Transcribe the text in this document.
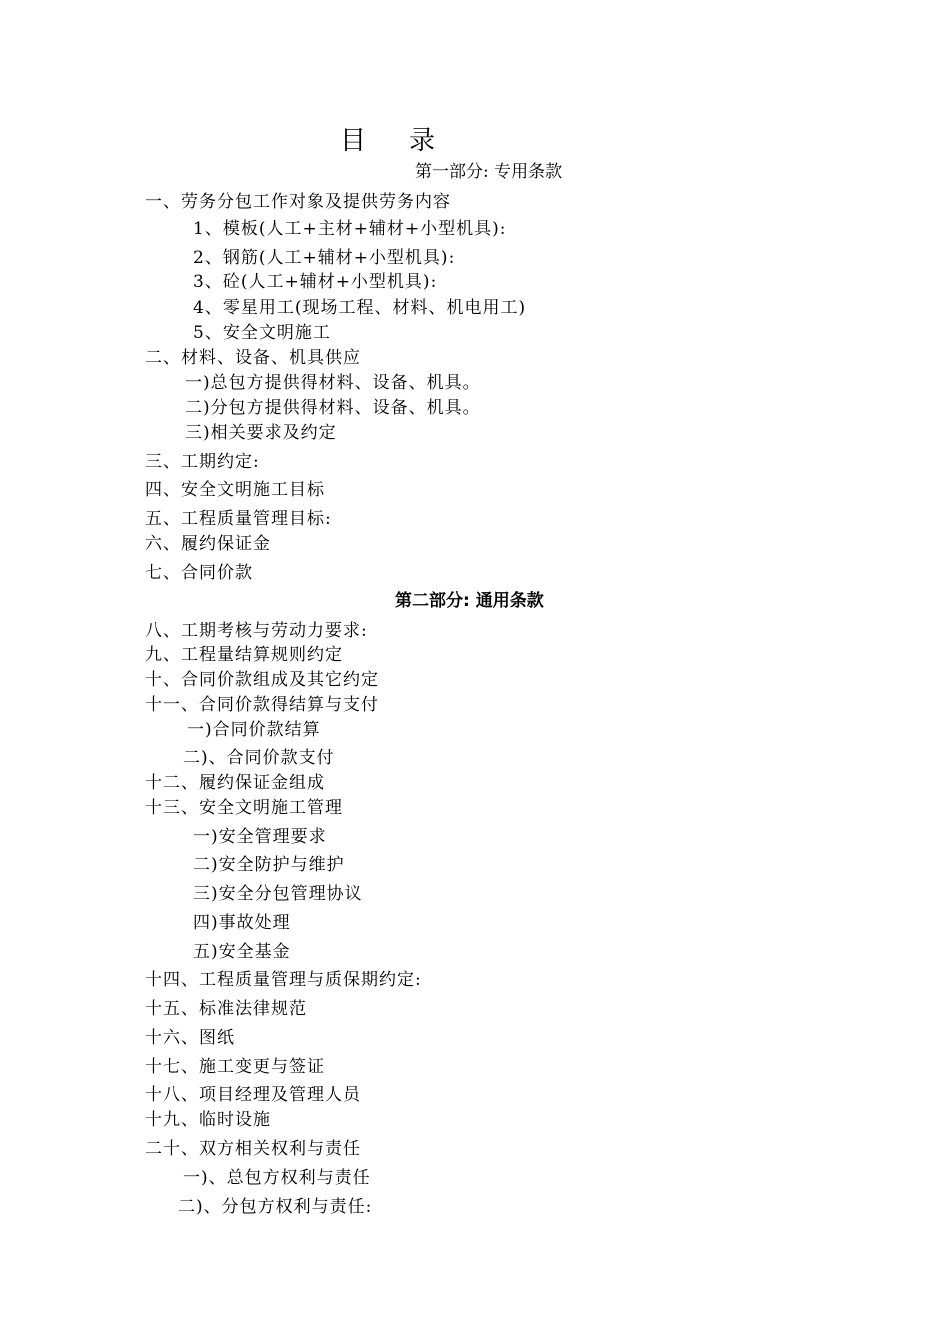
目    录
第一部分: 专用条款
一、劳务分包工作对象及提供劳务内容
1、模板(人工+主材+辅材+小型机具):
2、钢筋(人工+辅材+小型机具):
3、砼(人工+辅材+小型机具):
4、零星用工(现场工程、材料、机电用工)
5、安全文明施工
二、材料、设备、机具供应
一)总包方提供得材料、设备、机具。
二)分包方提供得材料、设备、机具。
三)相关要求及约定
三、工期约定:
四、安全文明施工目标
五、工程质量管理目标:
六、履约保证金
七、合同价款
第二部分: 通用条款
八、工期考核与劳动力要求:
九、工程量结算规则约定
十、合同价款组成及其它约定
十一、合同价款得结算与支付
一)合同价款结算
二)、合同价款支付
十二、履约保证金组成
十三、安全文明施工管理
一)安全管理要求
二)安全防护与维护
三)安全分包管理协议
四)事故处理
五)安全基金
十四、工程质量管理与质保期约定:
十五、标准法律规范
十六、图纸
十七、施工变更与签证
十八、项目经理及管理人员
十九、临时设施
二十、双方相关权利与责任
一)、总包方权利与责任
二)、分包方权利与责任:
